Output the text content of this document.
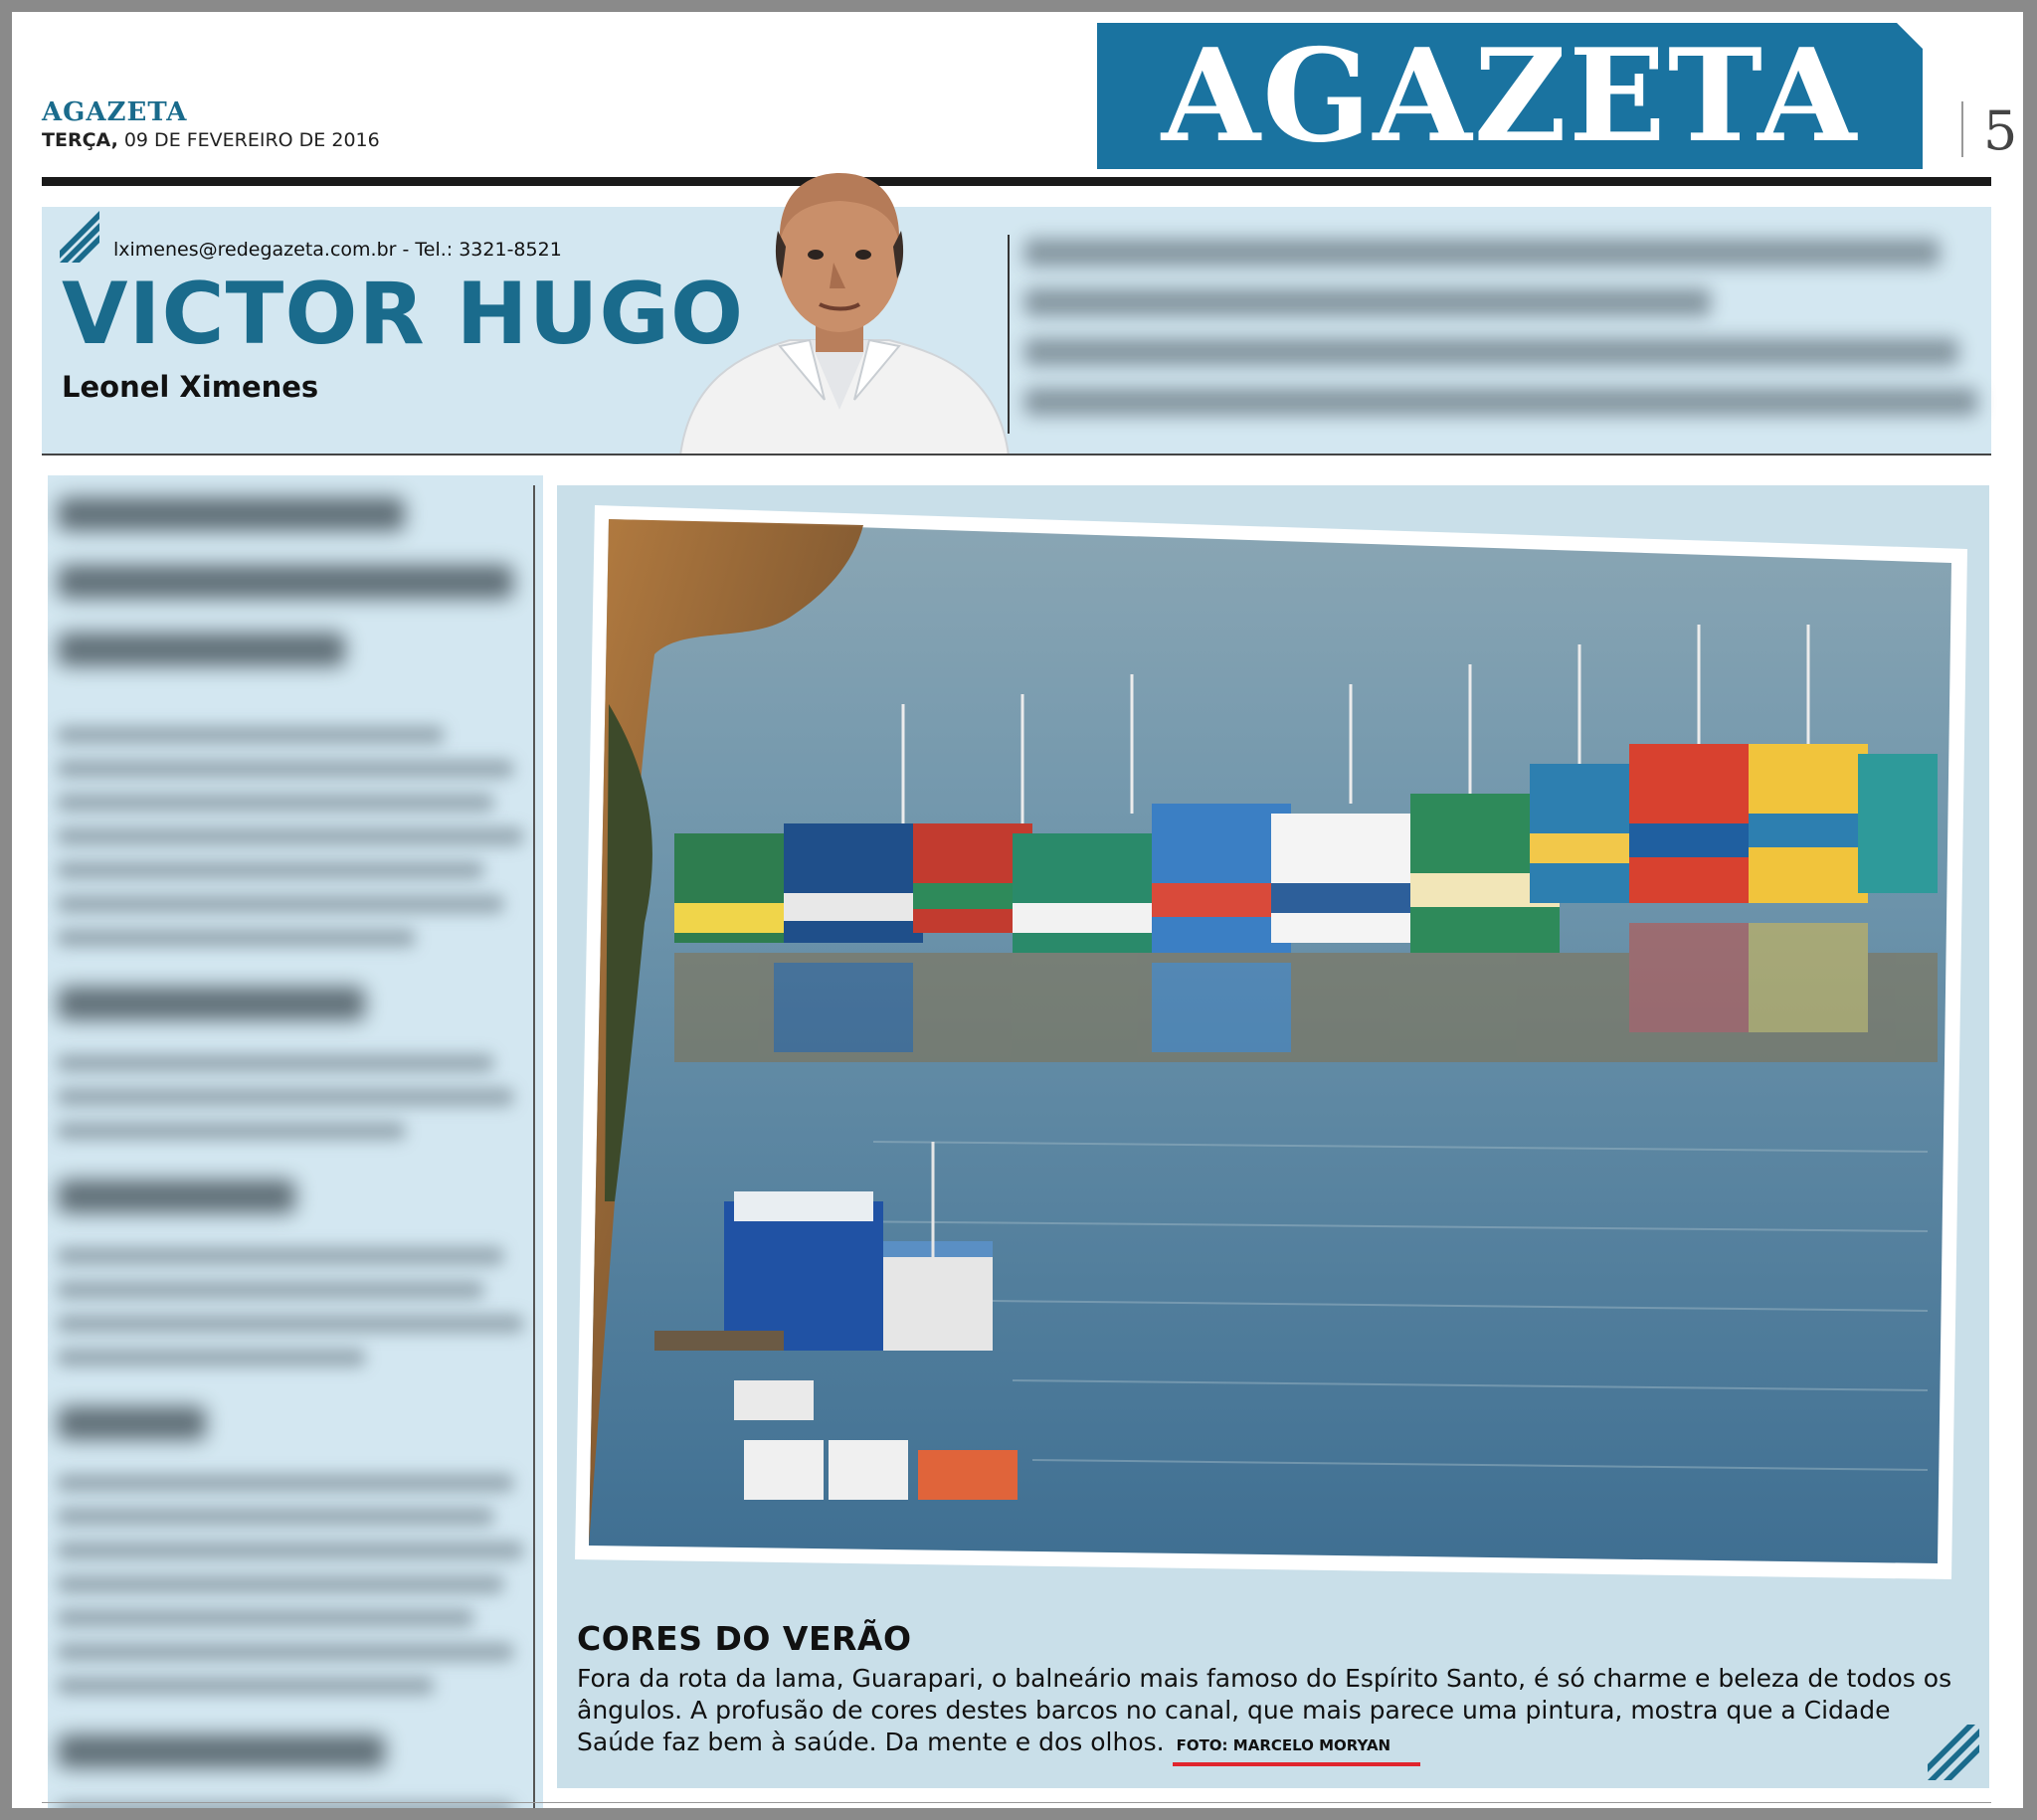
AGAZETA
TERÇA, 09 DE FEVEREIRO DE 2016	AGAZETA	5
lximenes@redegazeta.com.br - Tel.: 3321-8521
VICTOR HUGO
Leonel Ximenes
CORES DO VERÃO
Fora da rota da lama, Guarapari, o balneário mais famoso do Espírito Santo, é só charme e beleza de todos os ângulos. A profusão de cores destes barcos no canal, que mais parece uma pintura, mostra que a Cidade Saúde faz bem à saúde. Da mente e dos olhos. FOTO: MARCELO MORYAN
